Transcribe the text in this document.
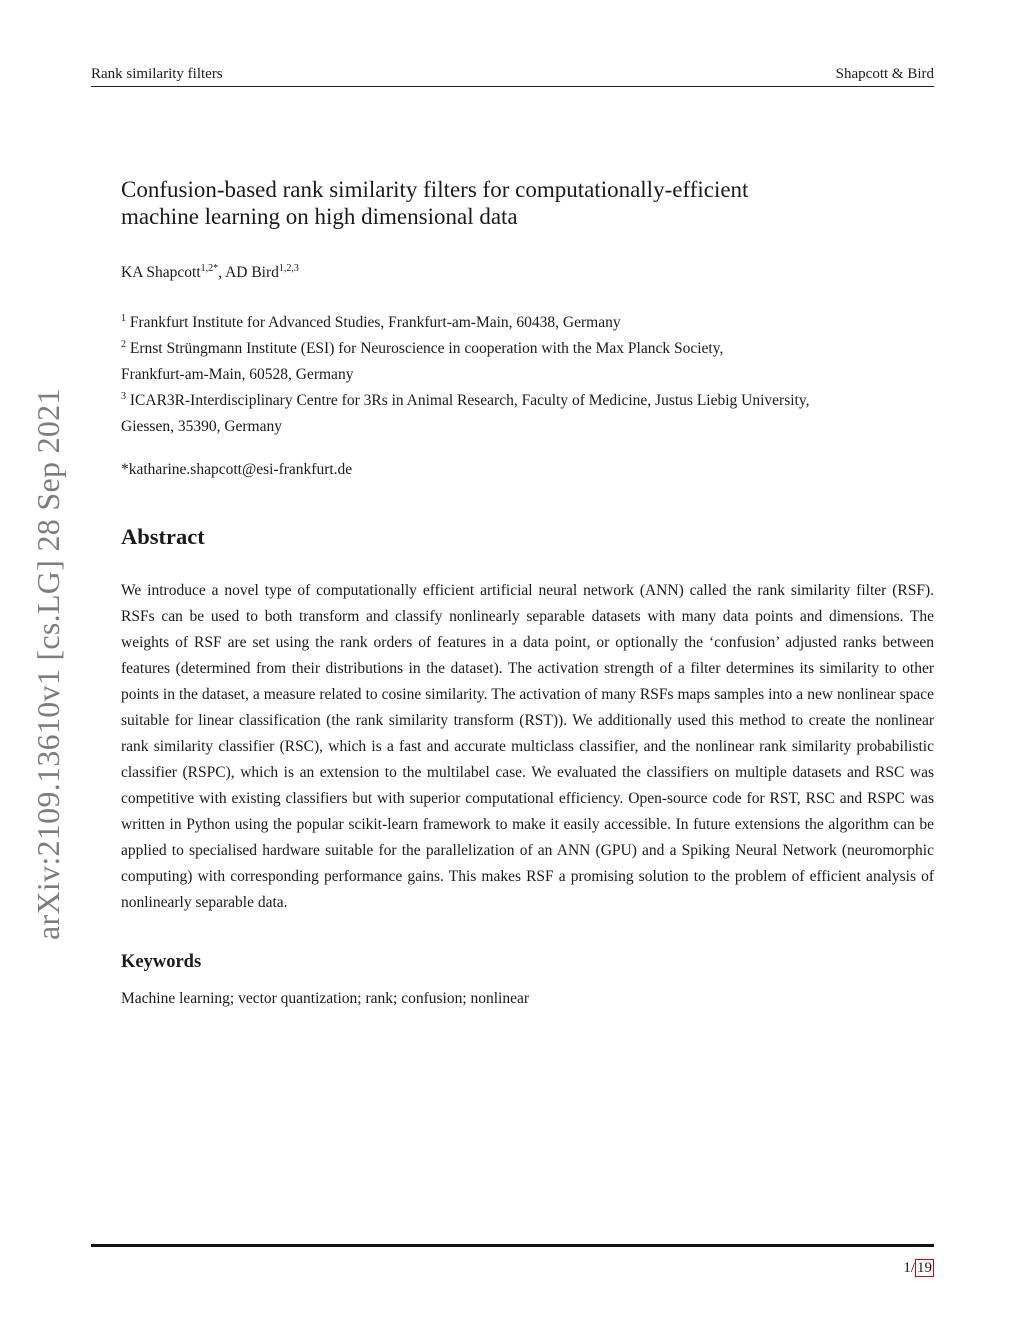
Rank similarity filters	Shapcott & Bird
arXiv:2109.13610v1 [cs.LG] 28 Sep 2021
Confusion-based rank similarity filters for computationally-efficient
machine learning on high dimensional data
KA Shapcott$^{1,2*}$, AD Bird$^{1,2,3}$
$^1$ Frankfurt Institute for Advanced Studies, Frankfurt-am-Main, 60438, Germany
$^2$ Ernst Strüngmann Institute (ESI) for Neuroscience in cooperation with the Max Planck Society,
Frankfurt-am-Main, 60528, Germany
$^3$ ICAR3R-Interdisciplinary Centre for 3Rs in Animal Research, Faculty of Medicine, Justus Liebig University,
Giessen, 35390, Germany
*katharine.shapcott@esi-frankfurt.de
Abstract

We introduce a novel type of computationally efficient artificial neural network (ANN) called the rank similarity filter (RSF). RSFs can be used to both transform and classify nonlinearly separable datasets with many data points and dimensions. The weights of RSF are set using the rank orders of features in a data point, or optionally the ‘confusion’ adjusted ranks between features (determined from their distributions in the dataset). The activation strength of a filter determines its similarity to other points in the dataset, a measure related to cosine similarity. The activation of many RSFs maps samples into a new nonlinear space suitable for linear classification (the rank similarity transform (RST)). We additionally used this method to create the nonlinear rank similarity classifier (RSC), which is a fast and accurate multiclass classifier, and the nonlinear rank similarity probabilistic classifier (RSPC), which is an extension to the multilabel case. We evaluated the classifiers on multiple datasets and RSC was competitive with existing classifiers but with superior computational efficiency. Open-source code for RST, RSC and RSPC was written in Python using the popular scikit-learn framework to make it easily accessible. In future extensions the algorithm can be applied to specialised hardware suitable for the parallelization of an ANN (GPU) and a Spiking Neural Network (neuromorphic computing) with corresponding performance gains. This makes RSF a promising solution to the problem of efficient analysis of nonlinearly separable data.

Keywords
Machine learning; vector quantization; rank; confusion; nonlinear
1/ 19
